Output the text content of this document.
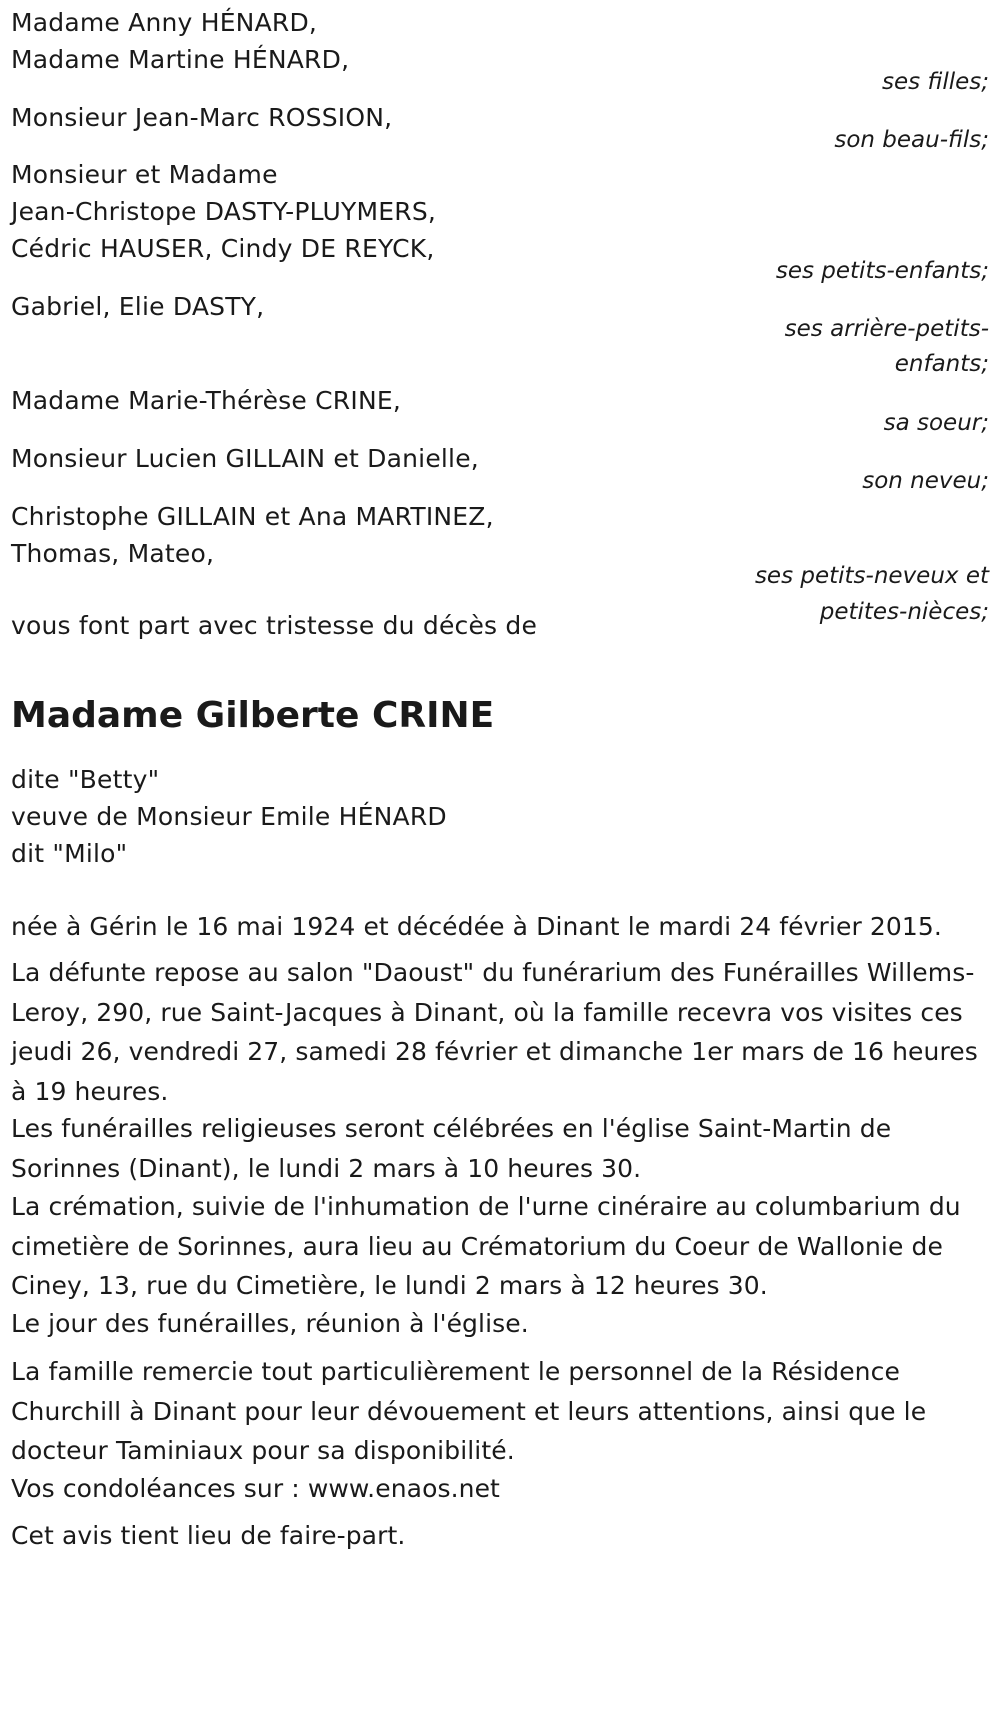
Madame Anny HÉNARD,
Madame Martine HÉNARD,
ses filles;
Monsieur Jean-Marc ROSSION,
son beau-fils;
Monsieur et Madame
Jean-Christope DASTY-PLUYMERS,
Cédric HAUSER, Cindy DE REYCK,
ses petits-enfants;
Gabriel, Elie DASTY,
ses arrière-petits-
enfants;
Madame Marie-Thérèse CRINE,
sa soeur;
Monsieur Lucien GILLAIN et Danielle,
son neveu;
Christophe GILLAIN et Ana MARTINEZ,
Thomas, Mateo,
ses petits-neveux et
petites-nièces;
vous font part avec tristesse du décès de
Madame Gilberte CRINE
dite "Betty"
veuve de Monsieur Emile HÉNARD
dit "Milo"
née à Gérin le 16 mai 1924 et décédée à Dinant le mardi 24 février 2015.
La défunte repose au salon "Daoust" du funérarium des Funérailles Willems-Leroy, 290, rue Saint-Jacques à Dinant, où la famille recevra vos visites ces jeudi 26, vendredi 27, samedi 28 février et dimanche 1er mars de 16 heures à 19 heures.
Les funérailles religieuses seront célébrées en l'église Saint-Martin de Sorinnes (Dinant), le lundi 2 mars à 10 heures 30.
La crémation, suivie de l'inhumation de l'urne cinéraire au columbarium du cimetière de Sorinnes, aura lieu au Crématorium du Coeur de Wallonie de Ciney, 13, rue du Cimetière, le lundi 2 mars à 12 heures 30.
Le jour des funérailles, réunion à l'église.
La famille remercie tout particulièrement le personnel de la Résidence Churchill à Dinant pour leur dévouement et leurs attentions, ainsi que le docteur Taminiaux pour sa disponibilité.
Vos condoléances sur : www.enaos.net
Cet avis tient lieu de faire-part.
